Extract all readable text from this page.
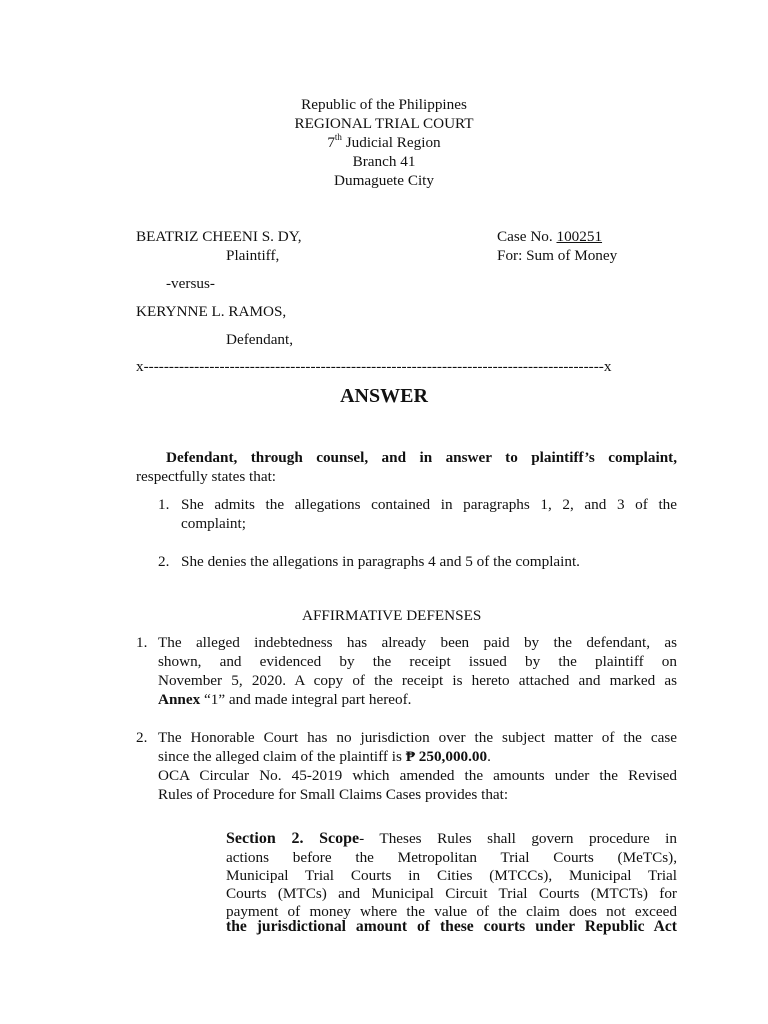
Republic of the Philippines
REGIONAL TRIAL COURT
7th Judicial Region
Branch 41
Dumaguete City
BEATRIZ CHEENI S. DY,
Plaintiff,
Case No. 100251
For: Sum of Money
-versus-
KERYNNE L. RAMOS,
Defendant,
x-------------------------------------------------------------------------------------------x
ANSWER
Defendant, through counsel, and in answer to plaintiff’s complaint,
respectfully states that:
1. She admits the allegations contained in paragraphs 1, 2, and 3 of the
complaint;
2. She denies the allegations in paragraphs 4 and 5 of the complaint.
AFFIRMATIVE DEFENSES
1. The alleged indebtedness has already been paid by the defendant, as
shown, and evidenced by the receipt issued by the plaintiff on
November 5, 2020. A copy of the receipt is hereto attached and marked as
Annex “1” and made integral part hereof.
2. The Honorable Court has no jurisdiction over the subject matter of the case
since the alleged claim of the plaintiff is ₱ 250,000.00.
OCA Circular No. 45-2019 which amended the amounts under the Revised
Rules of Procedure for Small Claims Cases provides that:
Section 2. Scope- Theses Rules shall govern procedure in
actions before the Metropolitan Trial Courts (MeTCs),
Municipal Trial Courts in Cities (MTCCs), Municipal Trial
Courts (MTCs) and Municipal Circuit Trial Courts (MTCTs) for
payment of money where the value of the claim does not exceed
the jurisdictional amount of these courts under Republic Act
